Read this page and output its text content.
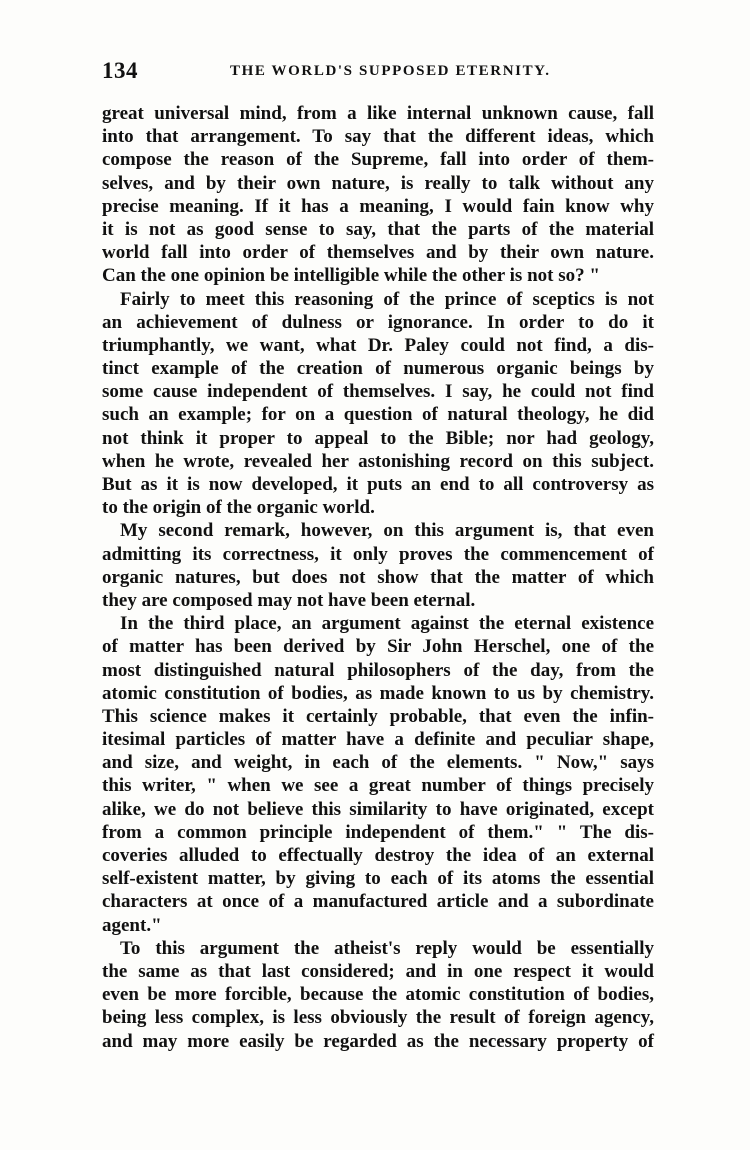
134	THE WORLD'S SUPPOSED ETERNITY.
great universal mind, from a like internal unknown cause, fall
into that arrangement. To say that the different ideas, which
compose the reason of the Supreme, fall into order of them-
selves, and by their own nature, is really to talk without any
precise meaning. If it has a meaning, I would fain know why
it is not as good sense to say, that the parts of the material
world fall into order of themselves and by their own nature.
Can the one opinion be intelligible while the other is not so? "
Fairly to meet this reasoning of the prince of sceptics is not
an achievement of dulness or ignorance. In order to do it
triumphantly, we want, what Dr. Paley could not find, a dis-
tinct example of the creation of numerous organic beings by
some cause independent of themselves. I say, he could not find
such an example; for on a question of natural theology, he did
not think it proper to appeal to the Bible; nor had geology,
when he wrote, revealed her astonishing record on this subject.
But as it is now developed, it puts an end to all controversy as
to the origin of the organic world.
My second remark, however, on this argument is, that even
admitting its correctness, it only proves the commencement of
organic natures, but does not show that the matter of which
they are composed may not have been eternal.
In the third place, an argument against the eternal existence
of matter has been derived by Sir John Herschel, one of the
most distinguished natural philosophers of the day, from the
atomic constitution of bodies, as made known to us by chemistry.
This science makes it certainly probable, that even the infin-
itesimal particles of matter have a definite and peculiar shape,
and size, and weight, in each of the elements. " Now," says
this writer, " when we see a great number of things precisely
alike, we do not believe this similarity to have originated, except
from a common principle independent of them." " The dis-
coveries alluded to effectually destroy the idea of an external
self-existent matter, by giving to each of its atoms the essential
characters at once of a manufactured article and a subordinate
agent."
To this argument the atheist's reply would be essentially
the same as that last considered; and in one respect it would
even be more forcible, because the atomic constitution of bodies,
being less complex, is less obviously the result of foreign agency,
and may more easily be regarded as the necessary property of
